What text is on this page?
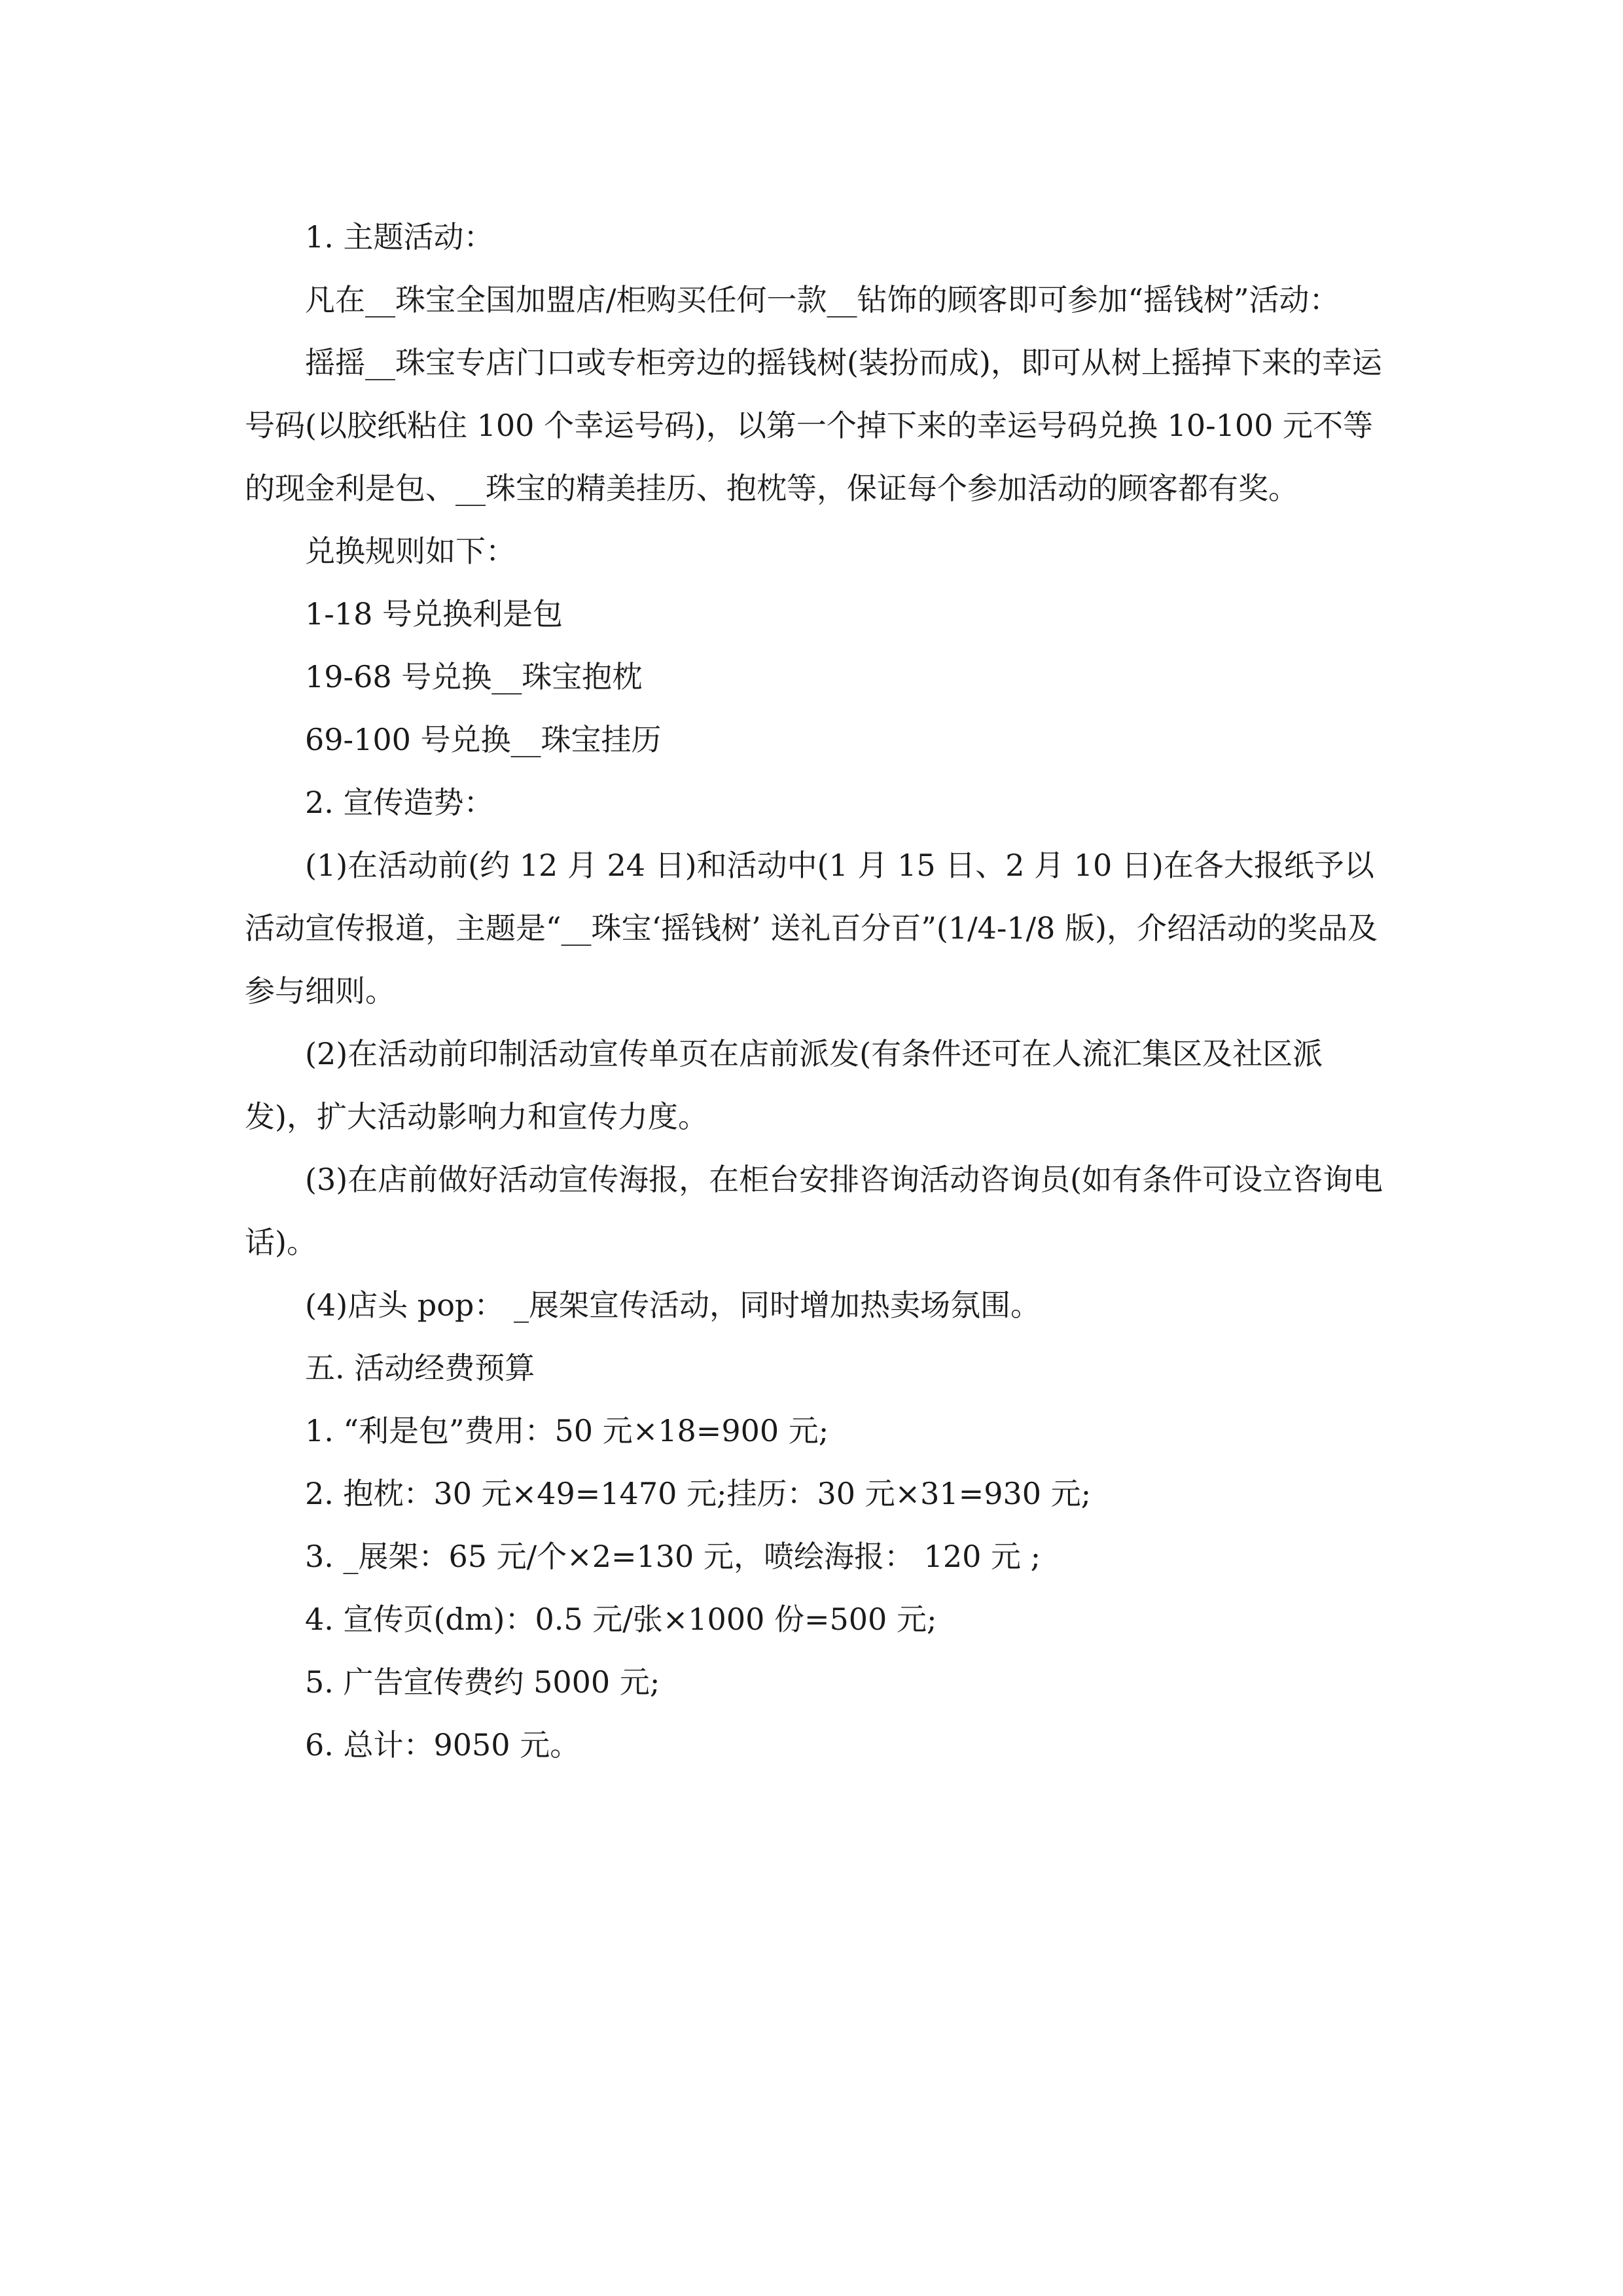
1. 主题活动：

凡在__珠宝全国加盟店/柜购买任何一款__钻饰的顾客即可参加“摇钱树”活动：

摇摇__珠宝专店门口或专柜旁边的摇钱树(装扮而成)，即可从树上摇掉下来的幸运号码(以胶纸粘住 100 个幸运号码)，以第一个掉下来的幸运号码兑换 10-100 元不等的现金利是包、__珠宝的精美挂历、抱枕等，保证每个参加活动的顾客都有奖。

兑换规则如下：

1-18 号兑换利是包

19-68 号兑换__珠宝抱枕

69-100 号兑换__珠宝挂历

2. 宣传造势：

(1)在活动前(约 12 月 24 日)和活动中(1 月 15 日、2 月 10 日)在各大报纸予以活动宣传报道，主题是“__珠宝‘摇钱树’ 送礼百分百”(1/4-1/8 版)，介绍活动的奖品及参与细则。

(2)在活动前印制活动宣传单页在店前派发(有条件还可在人流汇集区及社区派发)，扩大活动影响力和宣传力度。

(3)在店前做好活动宣传海报，在柜台安排咨询活动咨询员(如有条件可设立咨询电话)。

(4)店头 pop： _展架宣传活动，同时增加热卖场氛围。

五. 活动经费预算

1. “利是包”费用：50 元×18=900 元;

2. 抱枕：30 元×49=1470 元;挂历：30 元×31=930 元;

3. _展架：65 元/个×2=130 元，喷绘海报： 120 元 ;

4. 宣传页(dm)：0.5 元/张×1000 份=500 元;

5. 广告宣传费约 5000 元;

6. 总计：9050 元。
